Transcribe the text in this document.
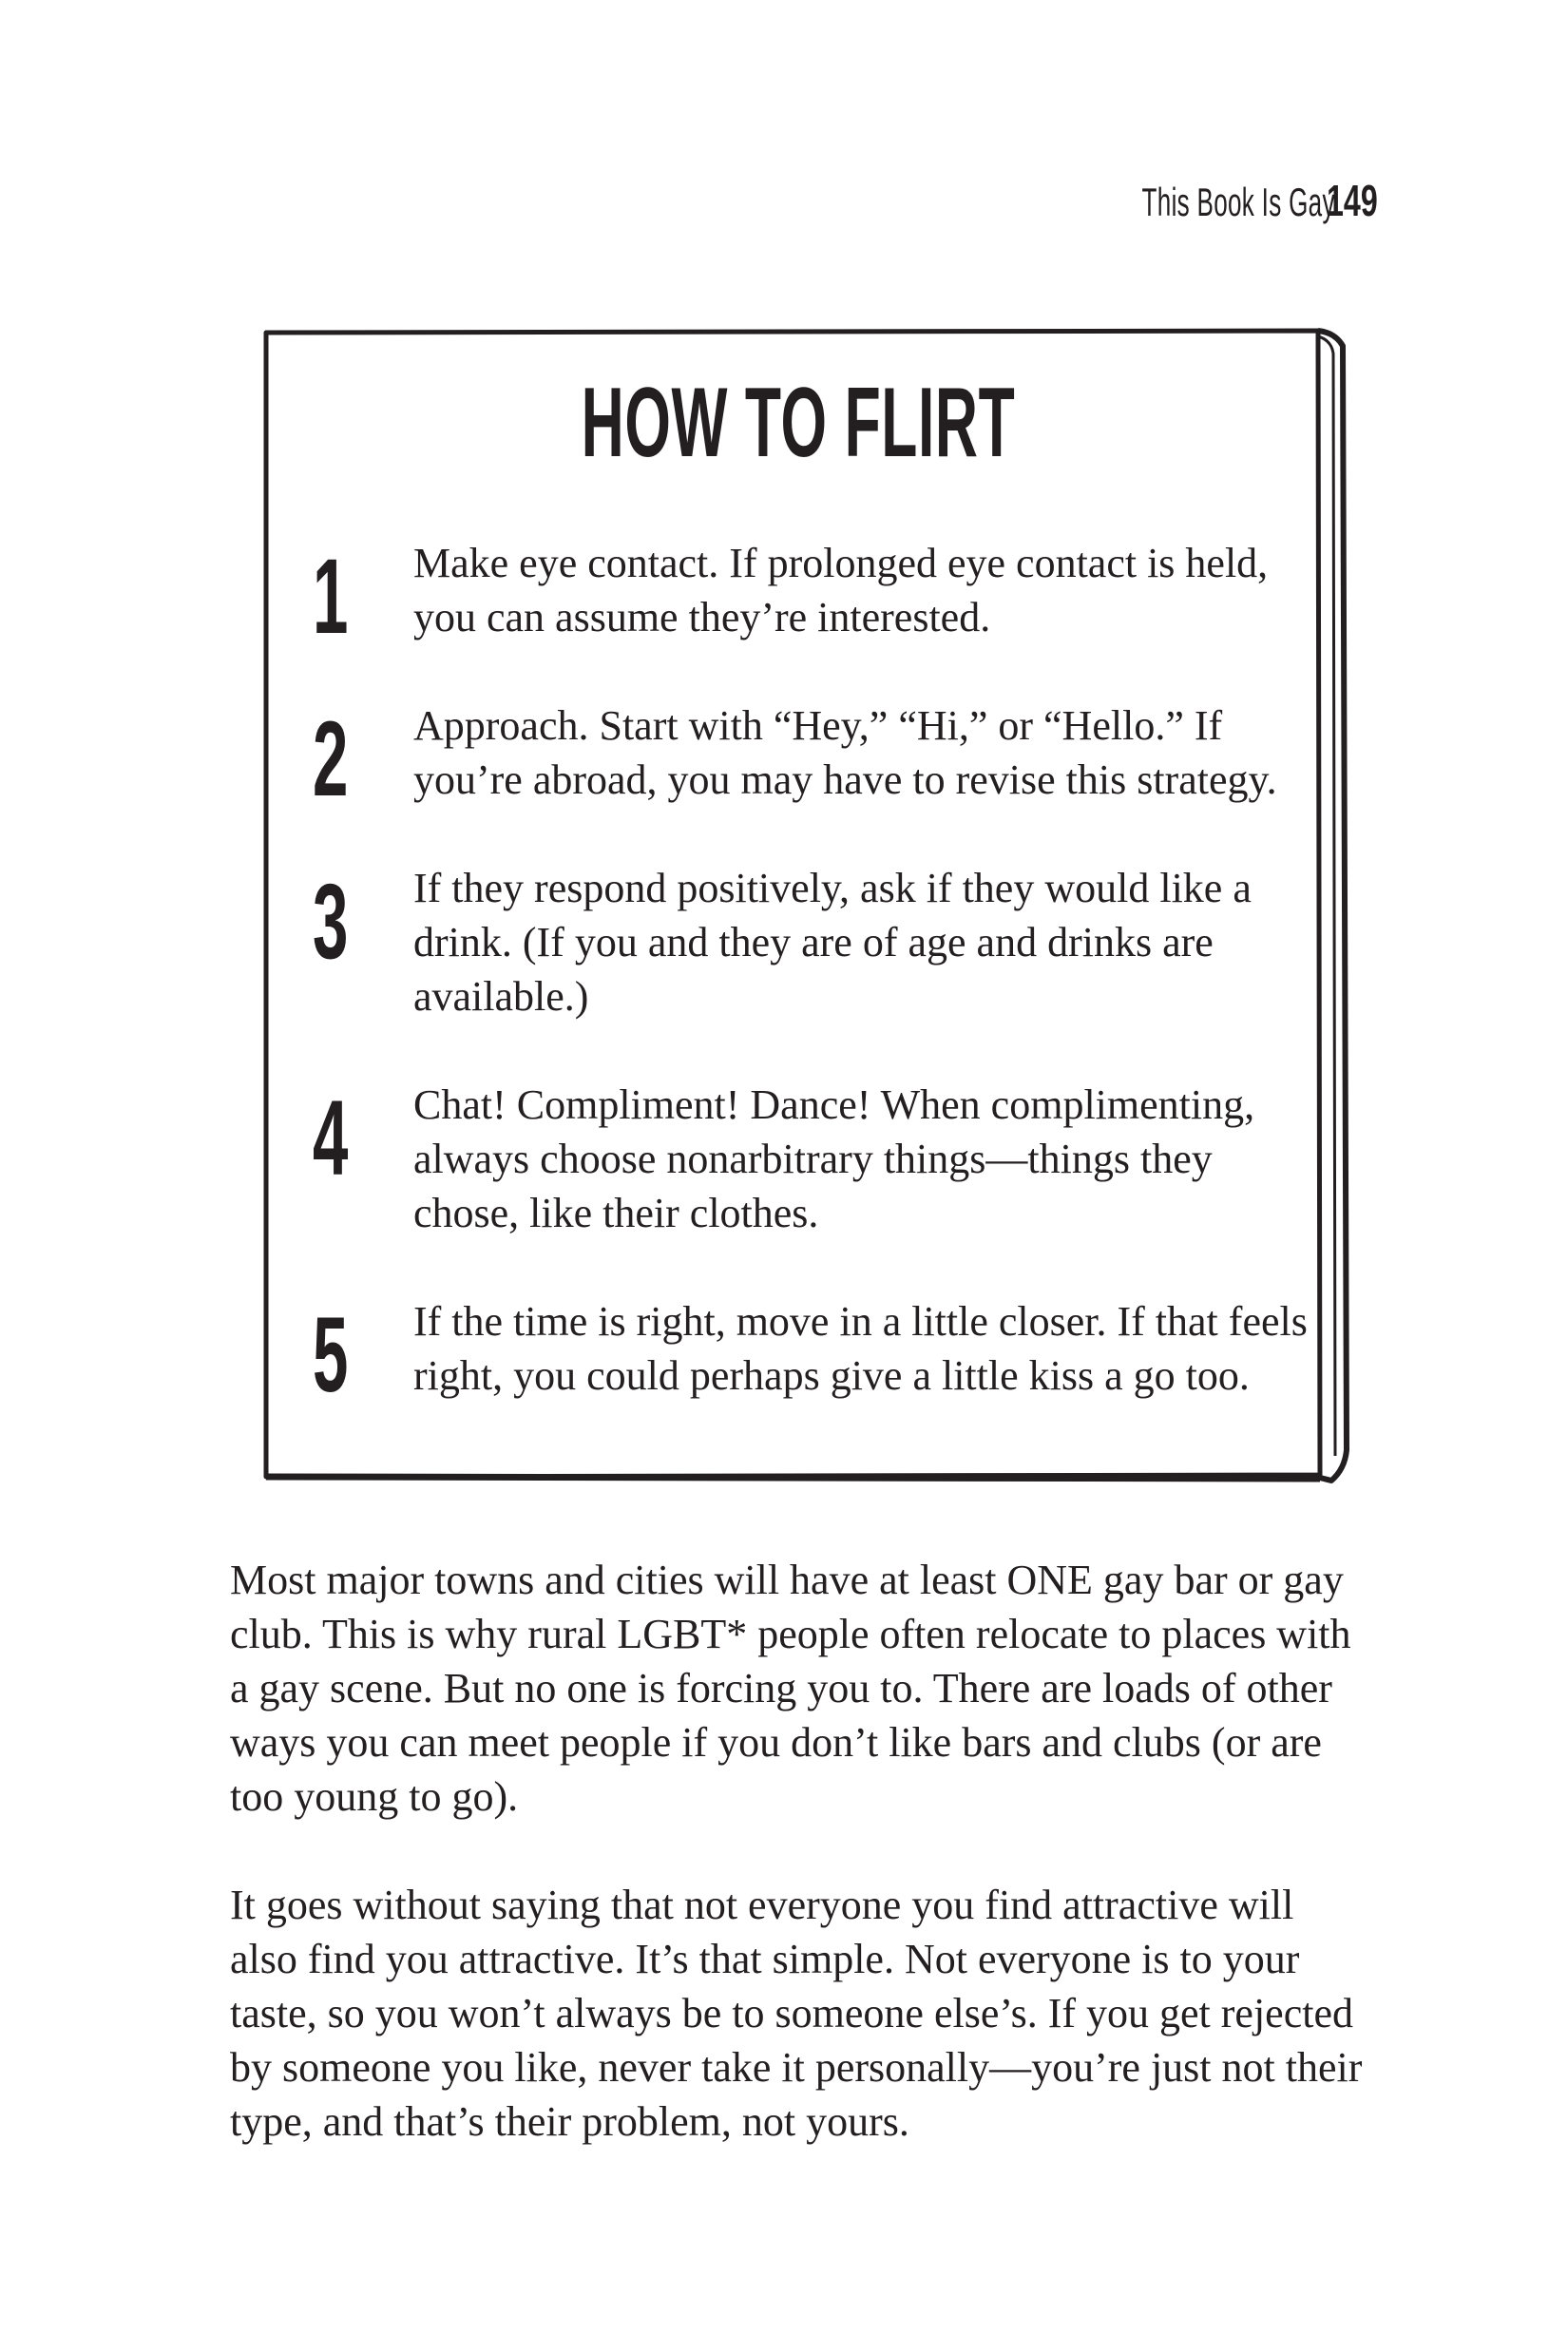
This Book Is Gay
149
HOW TO FLIRT
1 Make eye contact. If prolonged eye contact is held, you can assume they’re interested.
2 Approach. Start with “Hey,” “Hi,” or “Hello.” If you’re abroad, you may have to revise this strategy.
3 If they respond positively, ask if they would like a drink. (If you and they are of age and drinks are available.)
4 Chat! Compliment! Dance! When complimenting, always choose nonarbitrary things—things they chose, like their clothes.
5 If the time is right, move in a little closer. If that feels right, you could perhaps give a little kiss a go too.

Most major towns and cities will have at least ONE gay bar or gay club. This is why rural LGBT* people often relocate to places with a gay scene. But no one is forcing you to. There are loads of other ways you can meet people if you don’t like bars and clubs (or are too young to go).

It goes without saying that not everyone you find attractive will also find you attractive. It’s that simple. Not everyone is to your taste, so you won’t always be to someone else’s. If you get rejected by someone you like, never take it personally—you’re just not their type, and that’s their problem, not yours.
